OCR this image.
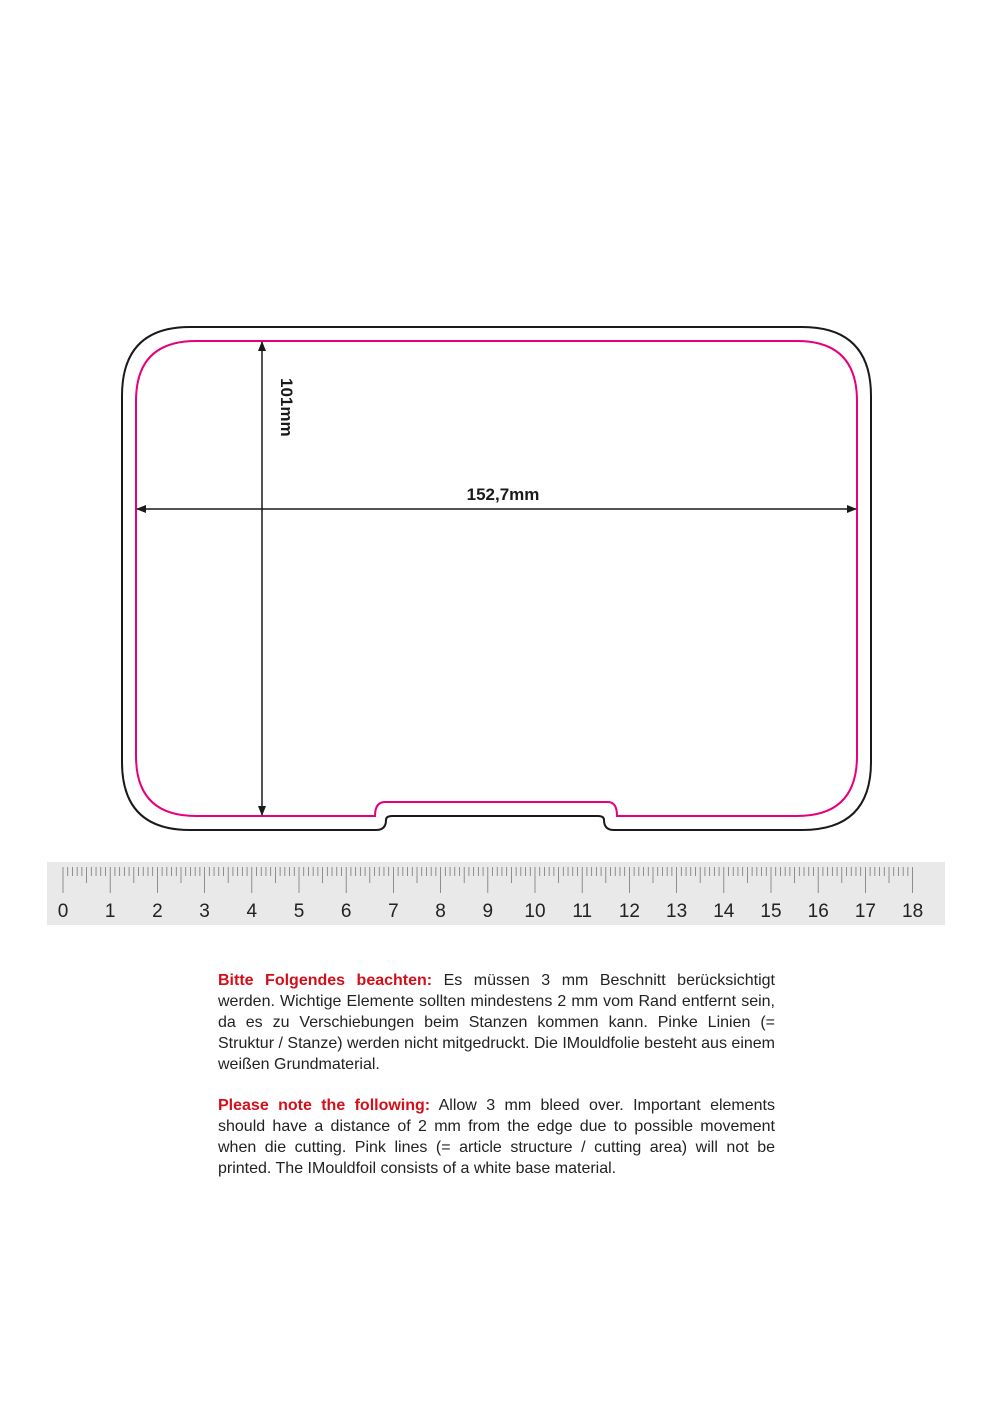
101mm
152,7mm
0 1 2 3 4 5 6 7 8 9 10 11 12 13 14 15 16 17 18

Bitte Folgendes beachten: Es müssen 3 mm Beschnitt berücksichtigt werden. Wichtige Elemente sollten mindestens 2 mm vom Rand entfernt sein, da es zu Verschiebungen beim Stanzen kommen kann. Pinke Linien (= Struktur / Stanze) werden nicht mitgedruckt. Die IMouldfolie besteht aus einem weißen Grundmaterial.

Please note the following: Allow 3 mm bleed over. Important elements should have a distance of 2 mm from the edge due to possible movement when die cutting. Pink lines (= article structure / cutting area) will not be printed. The IMouldfoil consists of a white base material.
